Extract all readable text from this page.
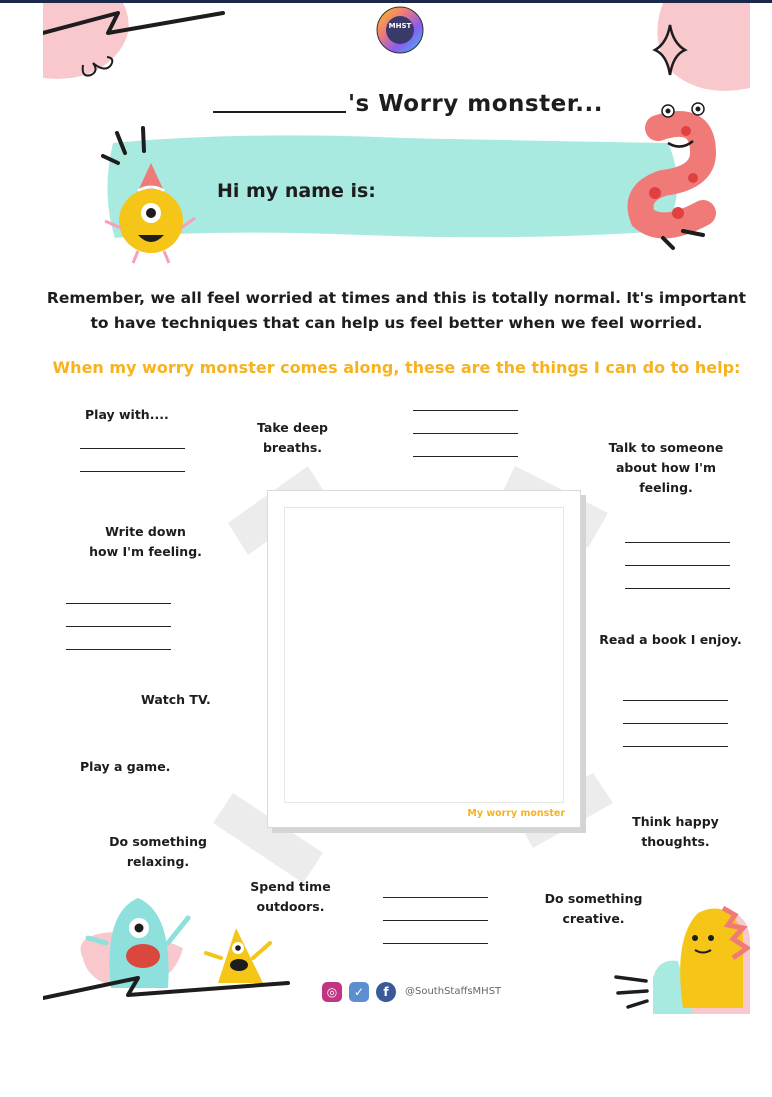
MHST
's Worry monster...
Hi my name is:
Remember, we all feel worried at times and this is totally normal. It's important
to have techniques that can help us feel better when we feel worried.
When my worry monster comes along, these are the things I can do to help:
Play with....
Take deep
breaths.	Talk to someone
about how I'm feeling.
Write down
how I'm feeling.
Read a book I enjoy.
Watch TV.
Play a game.
Think happy
thoughts.
Do something
relaxing.
Spend time
outdoors.
Do something
creative.
My worry monster
◎	✓	f	@SouthStaffsMHST
